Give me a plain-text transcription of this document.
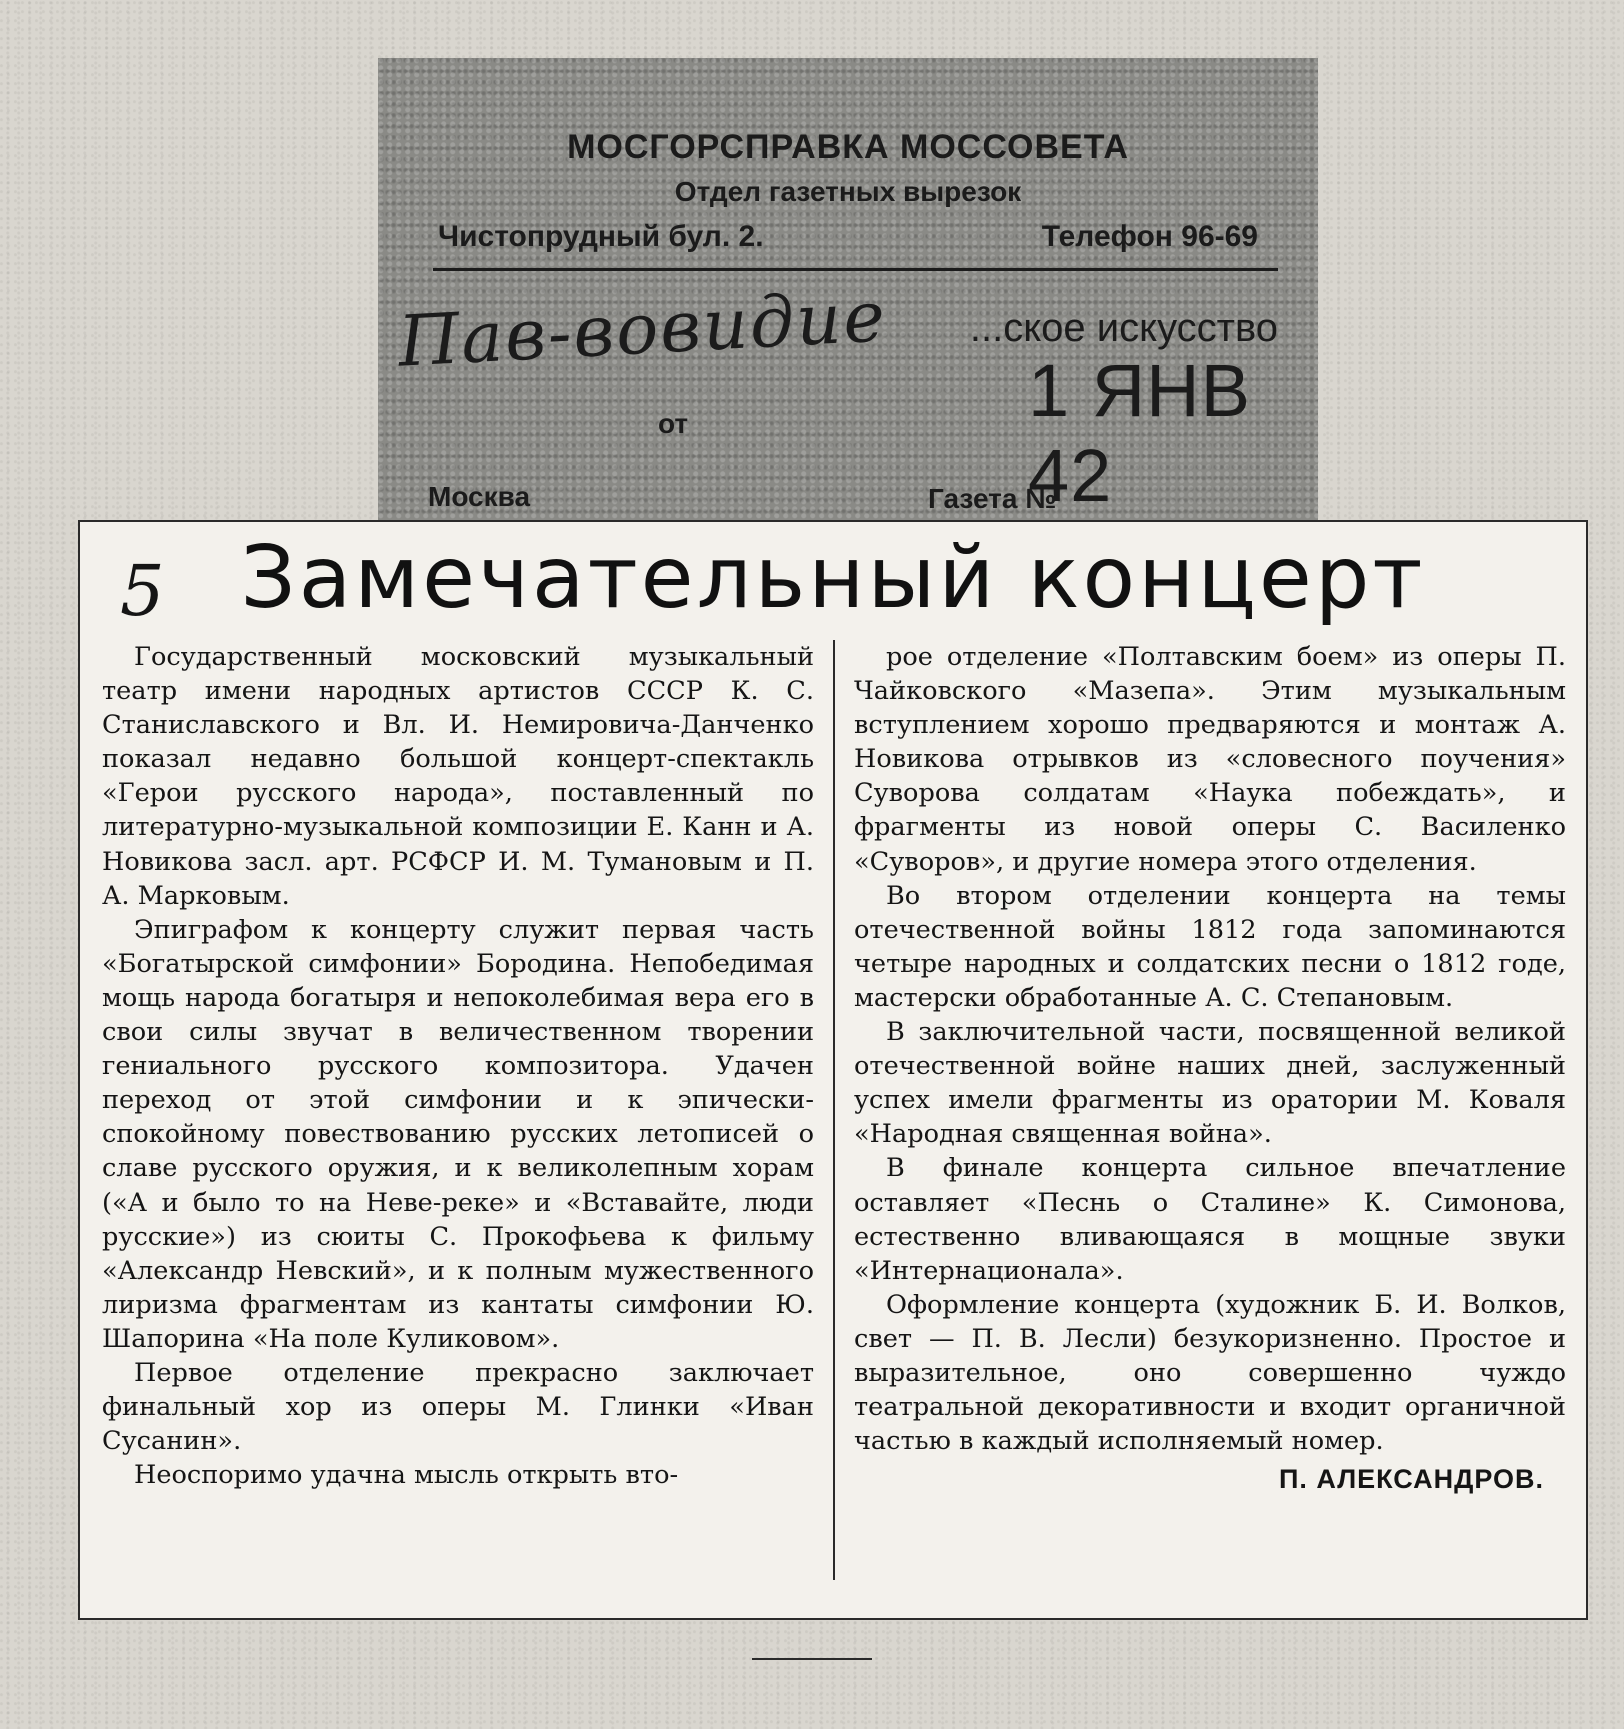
МОСГОРСПРАВКА МОССОВЕТА
Отдел газетных вырезок
Чистопрудный бул. 2.	Телефон 96-69
Пав-вовидие ...ское искусство
1 ЯНВ 42
от
Москва	Газета №
5 Замечательный концерт

Государственный московский музыкальный театр имени народных артистов СССР К. С. Станиславского и Вл. И. Немировича-Данченко показал недавно большой концерт-спектакль «Герои русского народа», поставленный по литературно-музыкальной композиции Е. Канн и А. Новикова засл. арт. РСФСР И. М. Тумановым и П. А. Марковым.

Эпиграфом к концерту служит первая часть «Богатырской симфонии» Бородина. Непобедимая мощь народа богатыря и непоколебимая вера его в свои силы звучат в величественном творении гениального русского композитора. Удачен переход от этой симфонии и к эпически-спокойному повествованию русских летописей о славе русского оружия, и к великолепным хорам («А и было то на Неве-реке» и «Вставайте, люди русские») из сюиты С. Прокофьева к фильму «Александр Невский», и к полным мужественного лиризма фрагментам из кантаты симфонии Ю. Шапорина «На поле Куликовом».

Первое отделение прекрасно заключает финальный хор из оперы М. Глинки «Иван Сусанин».

Неоспоримо удачна мысль открыть вто-

рое отделение «Полтавским боем» из оперы П. Чайковского «Мазепа». Этим музыкальным вступлением хорошо предваряются и монтаж А. Новикова отрывков из «словесного поучения» Суворова солдатам «Наука побеждать», и фрагменты из новой оперы С. Василенко «Суворов», и другие номера этого отделения.

Во втором отделении концерта на темы отечественной войны 1812 года запоминаются четыре народных и солдатских песни о 1812 годе, мастерски обработанные А. С. Степановым.

В заключительной части, посвященной великой отечественной войне наших дней, заслуженный успех имели фрагменты из оратории М. Коваля «Народная священная война».

В финале концерта сильное впечатление оставляет «Песнь о Сталине» К. Симонова, естественно вливающаяся в мощные звуки «Интернационала».

Оформление концерта (художник Б. И. Волков, свет — П. В. Лесли) безукоризненно. Простое и выразительное, оно совершенно чуждо театральной декоративности и входит органичной частью в каждый исполняемый номер.

П. АЛЕКСАНДРОВ.
